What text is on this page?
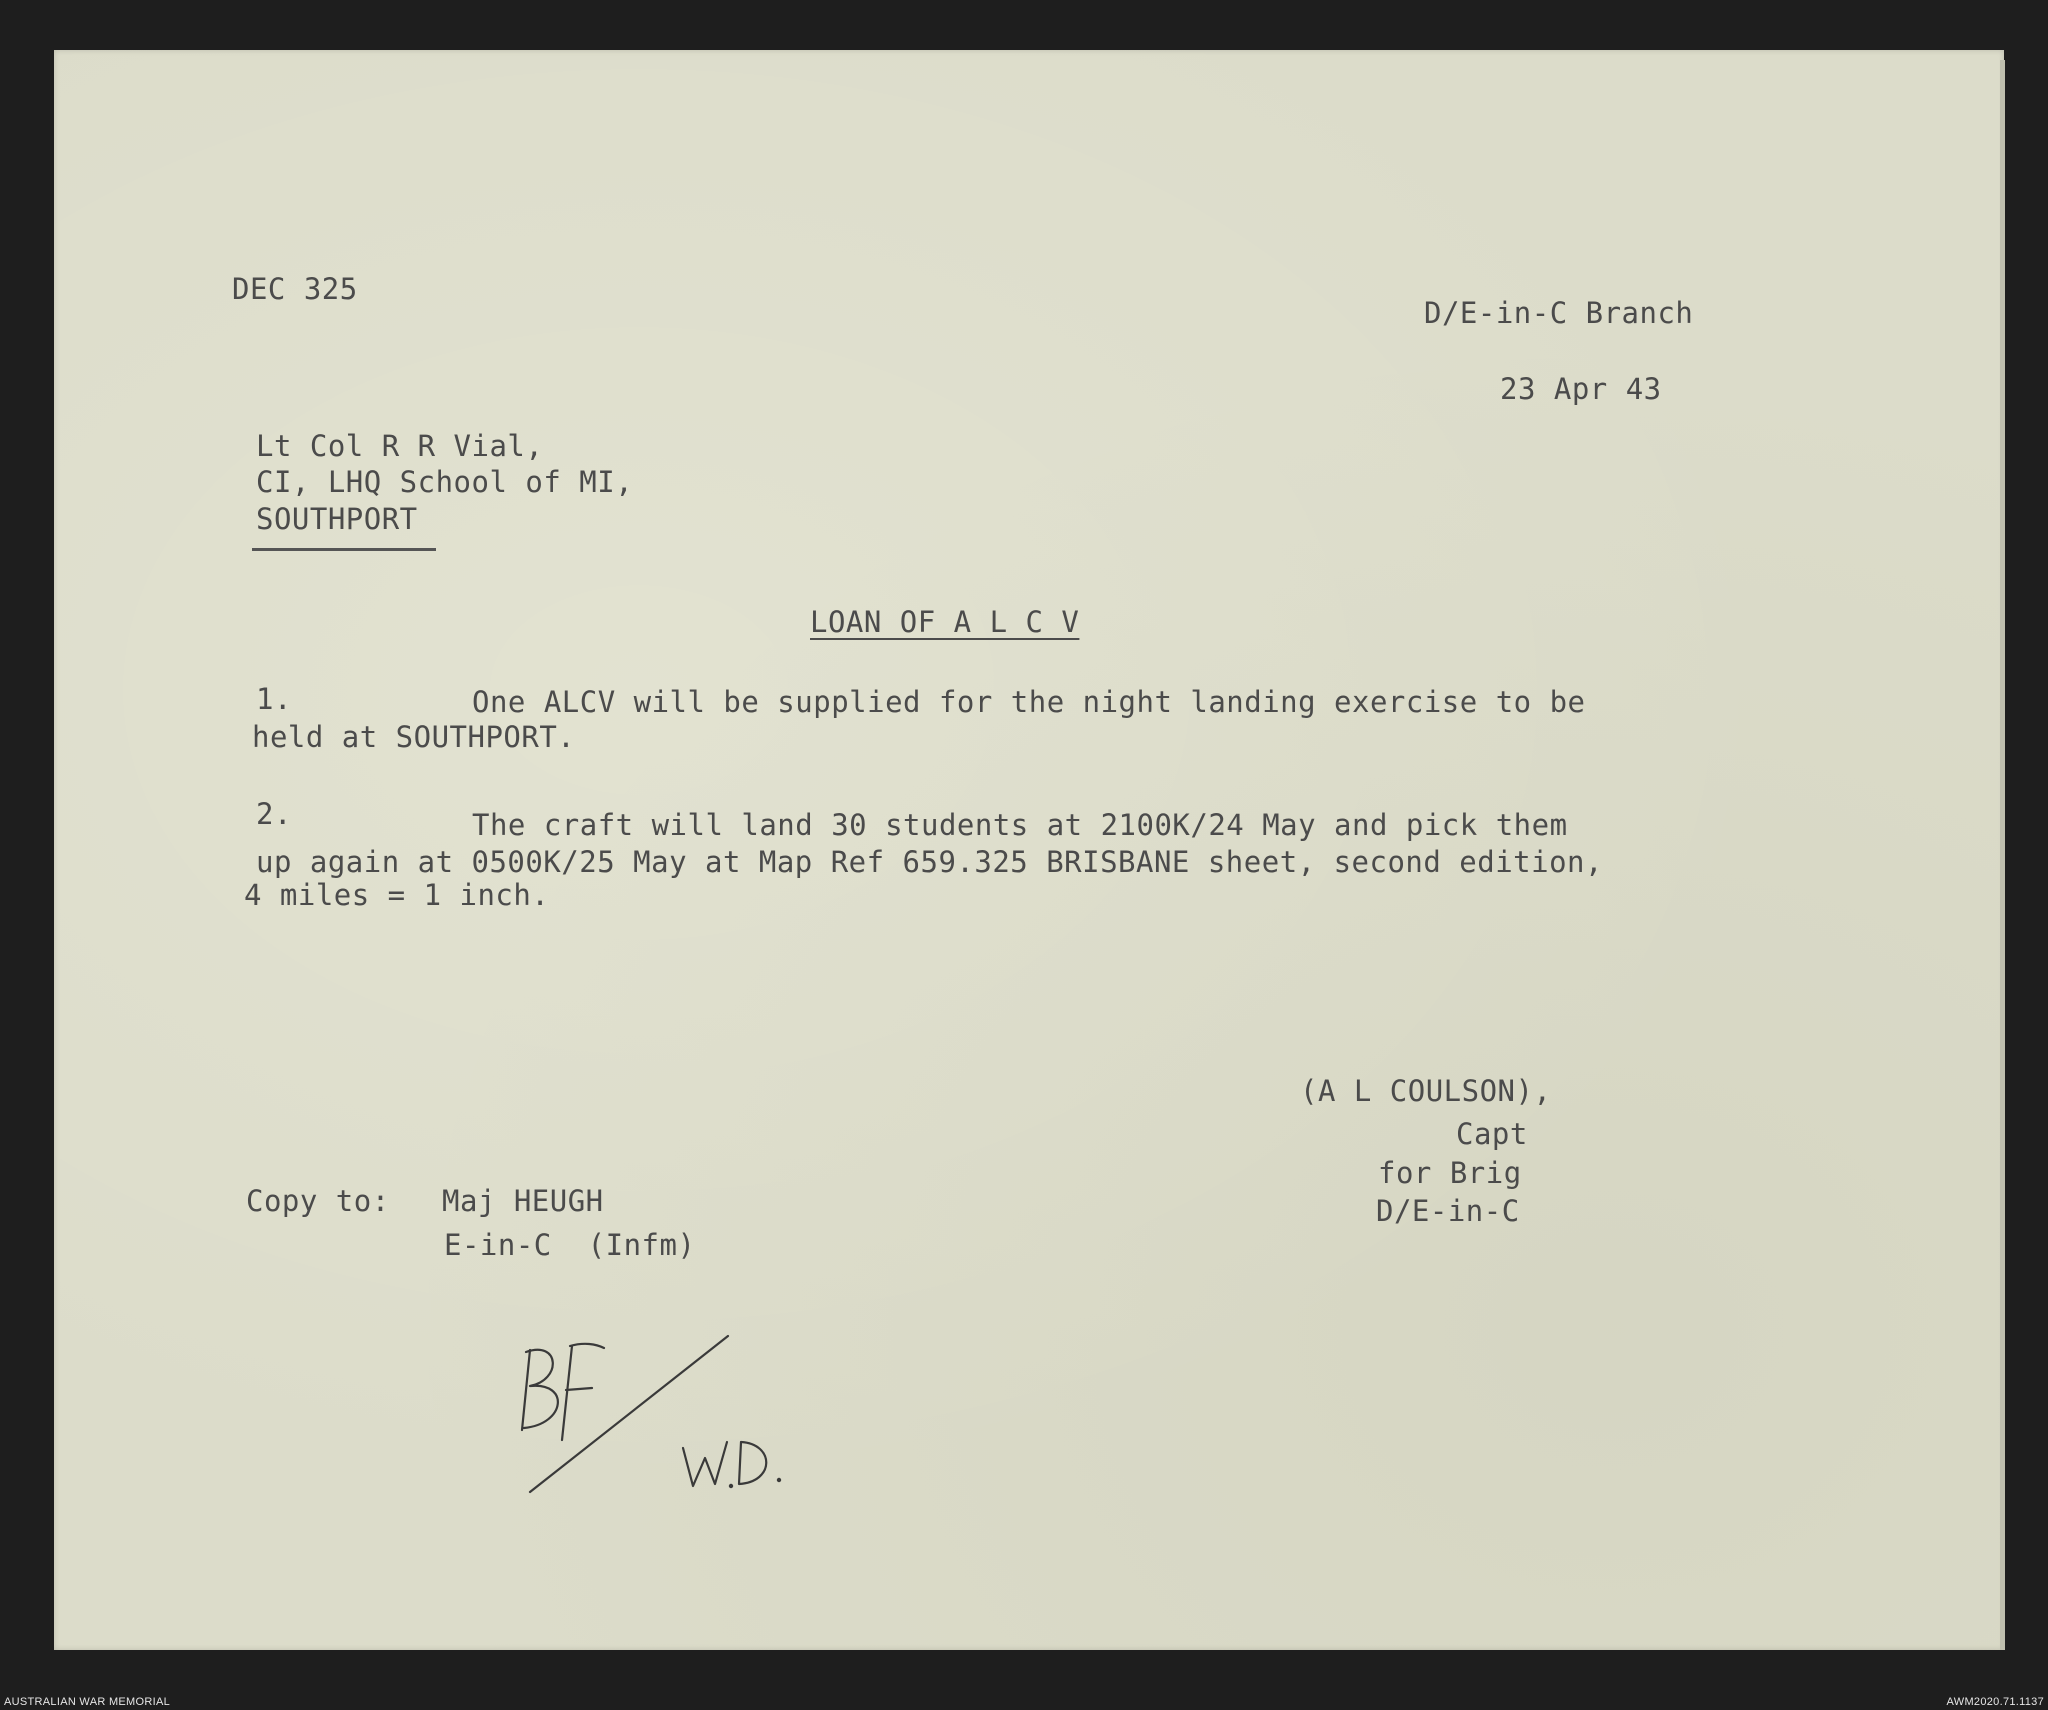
DEC 325
D/E-in-C Branch
23 Apr 43
Lt Col R R Vial,
CI, LHQ School of MI,
SOUTHPORT
LOAN OF A L C V
1.	One ALCV will be supplied for the night landing exercise to be
held at SOUTHPORT.
2.	The craft will land 30 students at 2100K/24 May and pick them
up again at 0500K/25 May at Map Ref 659.325 BRISBANE sheet, second edition,
4 miles = 1 inch.
(A L COULSON),
Capt
for Brig
D/E-in-C
Copy to: Maj HEUGH
E-in-C  (Infm)
AUSTRALIAN WAR MEMORIAL	AWM2020.71.1137
